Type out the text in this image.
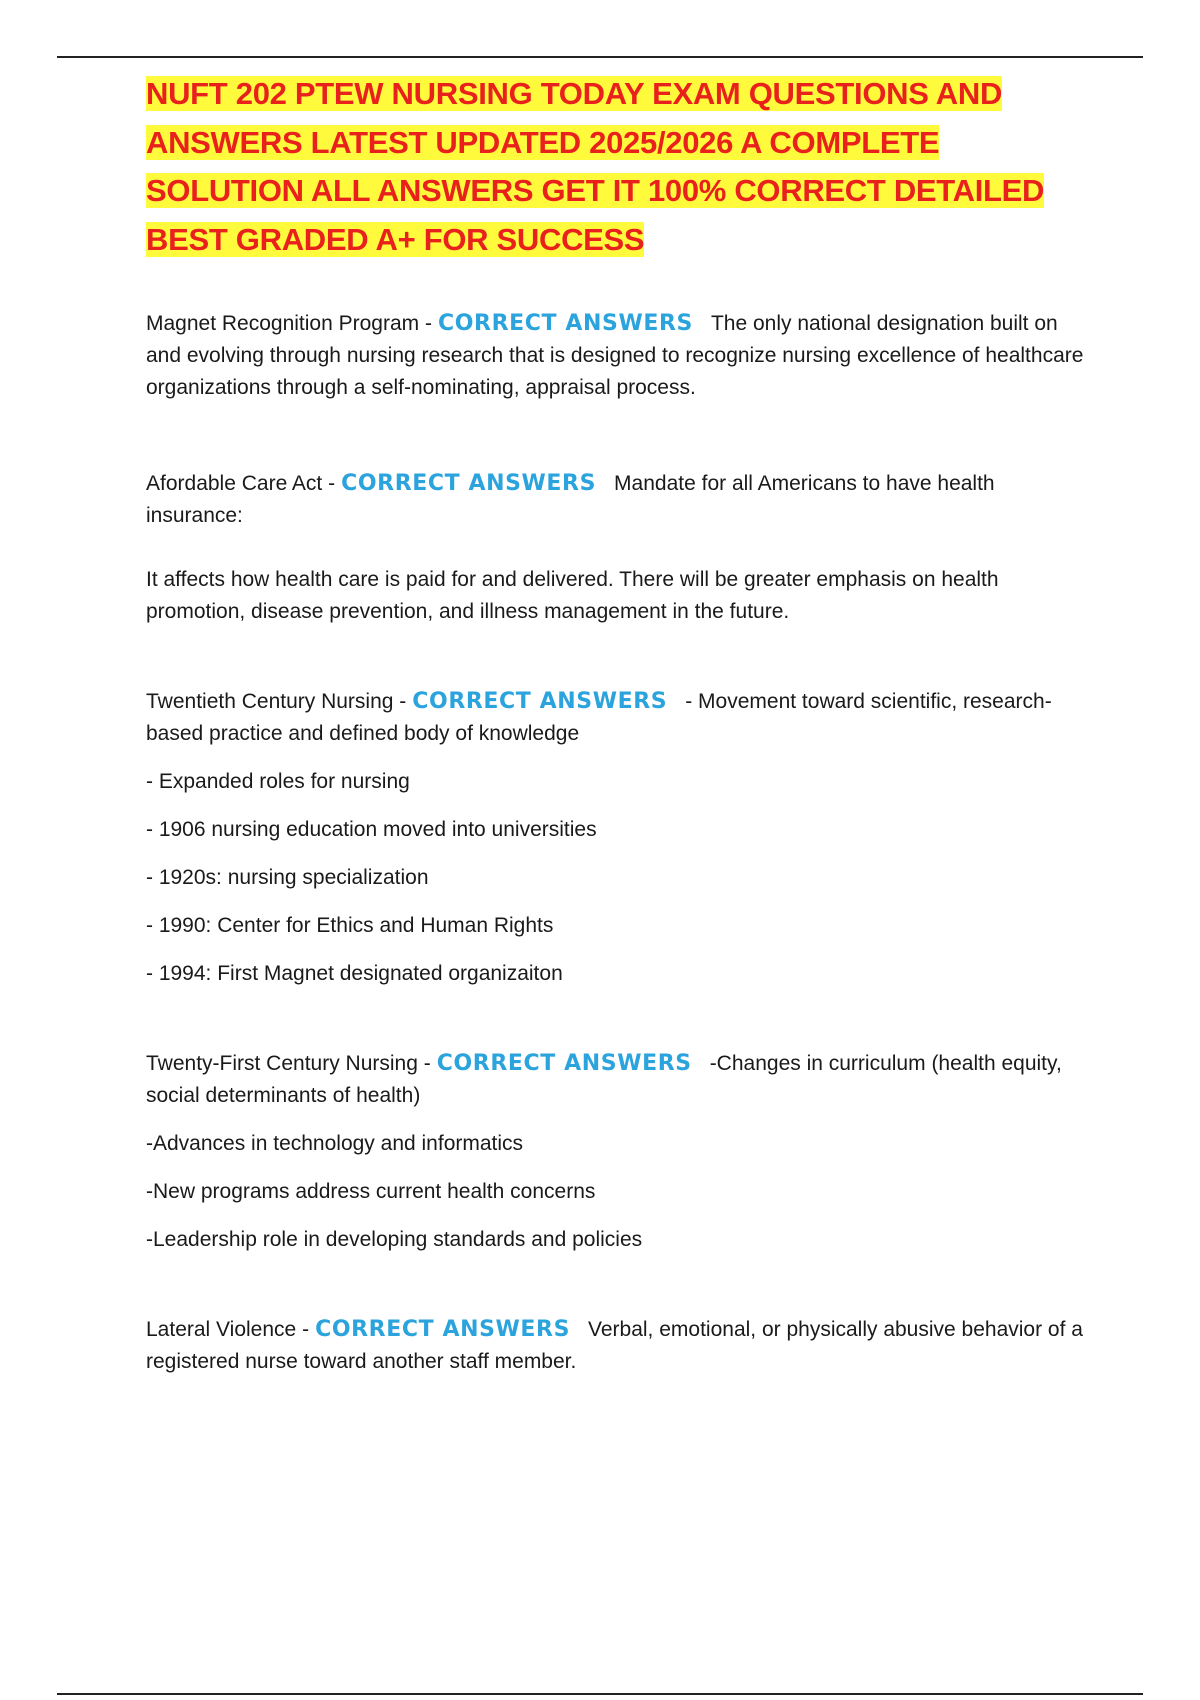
NUFT 202 PTEW NURSING TODAY EXAM QUESTIONS AND ANSWERS LATEST UPDATED 2025/2026 A COMPLETE SOLUTION ALL ANSWERS GET IT 100% CORRECT DETAILED BEST GRADED A+ FOR SUCCESS

Magnet Recognition Program - CORRECT ANSWERS The only national designation built on and evolving through nursing research that is designed to recognize nursing excellence of healthcare organizations through a self-nominating, appraisal process.

Afordable Care Act - CORRECT ANSWERS Mandate for all Americans to have health insurance:

It affects how health care is paid for and delivered. There will be greater emphasis on health promotion, disease prevention, and illness management in the future.

Twentieth Century Nursing - CORRECT ANSWERS - Movement toward scientific, research-based practice and defined body of knowledge

- Expanded roles for nursing

- 1906 nursing education moved into universities

- 1920s: nursing specialization

- 1990: Center for Ethics and Human Rights

- 1994: First Magnet designated organizaiton

Twenty-First Century Nursing - CORRECT ANSWERS -Changes in curriculum (health equity, social determinants of health)

-Advances in technology and informatics

-New programs address current health concerns

-Leadership role in developing standards and policies

Lateral Violence - CORRECT ANSWERS Verbal, emotional, or physically abusive behavior of a registered nurse toward another staff member.
